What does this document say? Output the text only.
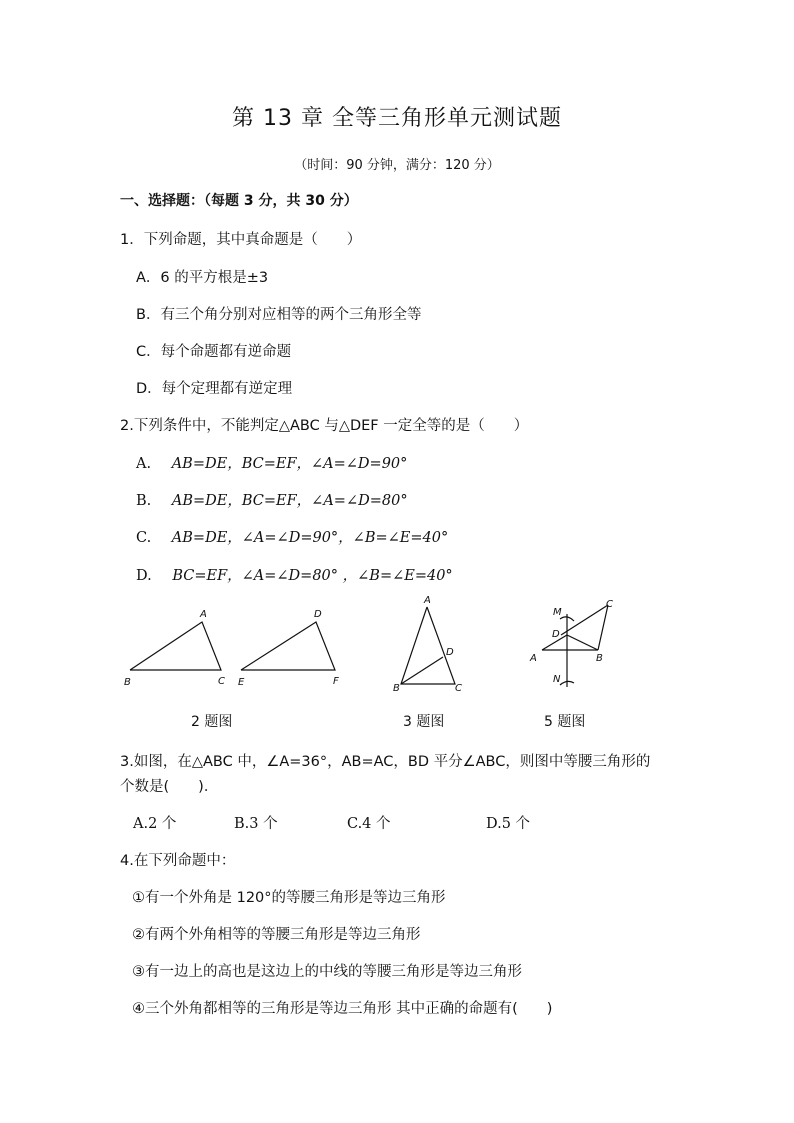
第 13 章 全等三角形单元测试题
（时间：90 分钟，满分：120 分）
一、选择题：（每题 3 分，共 30 分）
1．下列命题，其中真命题是（　　）
A．6 的平方根是±3
B．有三个角分别对应相等的两个三角形全等
C．每个命题都有逆命题
D．每个定理都有逆定理
2.下列条件中，不能判定△ABC 与△DEF 一定全等的是（　　）
A. AB=DE，BC=EF，∠A=∠D=90°
B. AB=DE，BC=EF，∠A=∠D=80°
C. AB=DE，∠A=∠D=90°，∠B=∠E=40°
D. BC=EF，∠A=∠D=80° ，∠B=∠E=40°
A
B	C
D
E	F
A
D
B	C
M
C
D
A	B
N
2 题图	3 题图	5 题图
3.如图，在△ABC 中，∠A=36°，AB=AC，BD 平分∠ABC，则图中等腰三角形的
个数是(　　)．
A.2 个	B.3 个	C.4 个	D.5 个
4.在下列命题中：
①有一个外角是 120°的等腰三角形是等边三角形
②有两个外角相等的等腰三角形是等边三角形
③有一边上的高也是这边上的中线的等腰三角形是等边三角形
④三个外角都相等的三角形是等边三角形 其中正确的命题有(　　)
